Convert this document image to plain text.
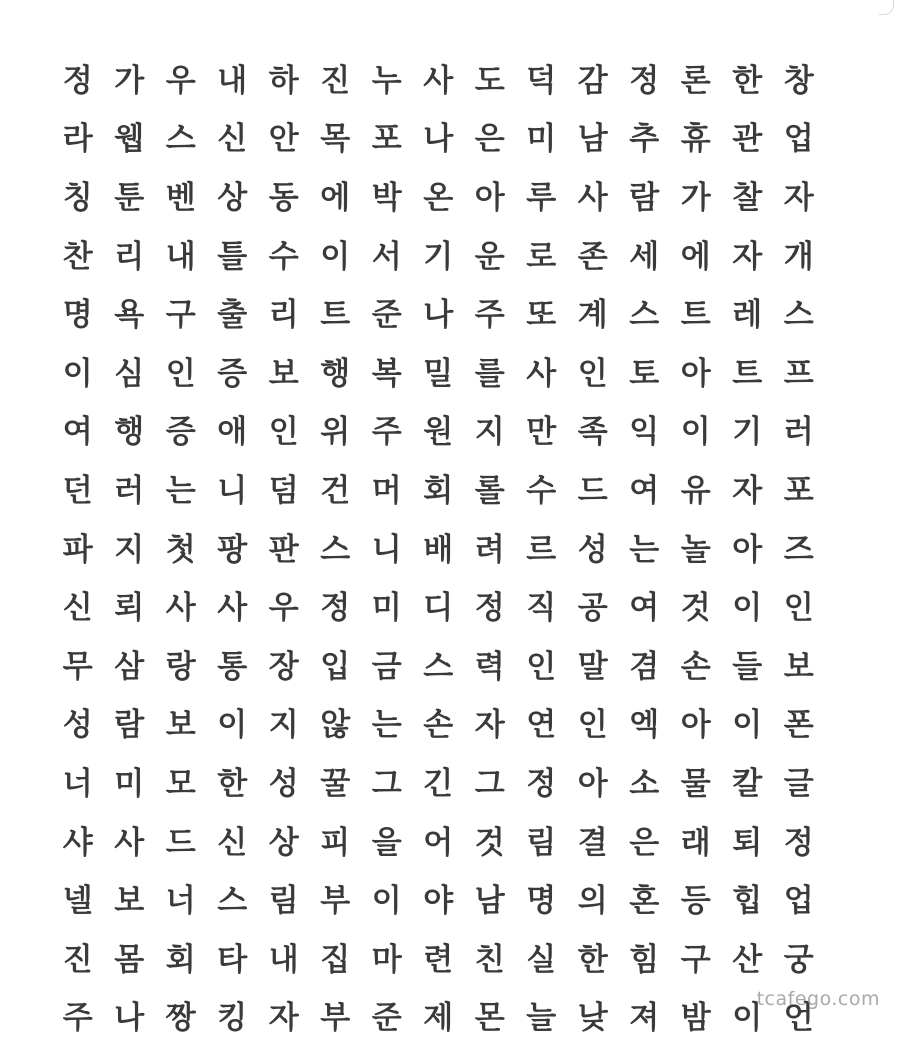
정 가 우 내 하 진 누 사 도 덕 감 정 론 한 창
라 웹 스 신 안 목 포 나 은 미 남 추 휴 관 업
칭 툰 벤 상 동 에 박 온 아 루 사 람 가 찰 자
찬 리 내 틀 수 이 서 기 운 로 존 세 에 자 개
명 욕 구 출 리 트 준 나 주 또 계 스 트 레 스
이 심 인 증 보 행 복 밀 를 사 인 토 아 트 프
여 행 증 애 인 위 주 원 지 만 족 익 이 기 러
던 러 는 니 덤 건 머 회 롤 수 드 여 유 자 포
파 지 첫 팡 판 스 니 배 려 르 성 는 놀 아 즈
신 뢰 사 사 우 정 미 디 정 직 공 여 것 이 인
무 삼 랑 통 장 입 금 스 력 인 말 겸 손 들 보
성 람 보 이 지 않 는 손 자 연 인 엑 아 이 폰
너 미 모 한 성 꿀 그 긴 그 정 아 소 물 칼 글
샤 사 드 신 상 피 을 어 것 림 결 은 래 퇴 정
넬 보 너 스 림 부 이 야 남 명 의 혼 등 힙 업
진 몸 회 타 내 집 마 련 친 실 한 힘 구 산 궁
주 나 짱 킹 자 부 준 제 몬 늘 낮 져 밤 이 언
tcafego.com
